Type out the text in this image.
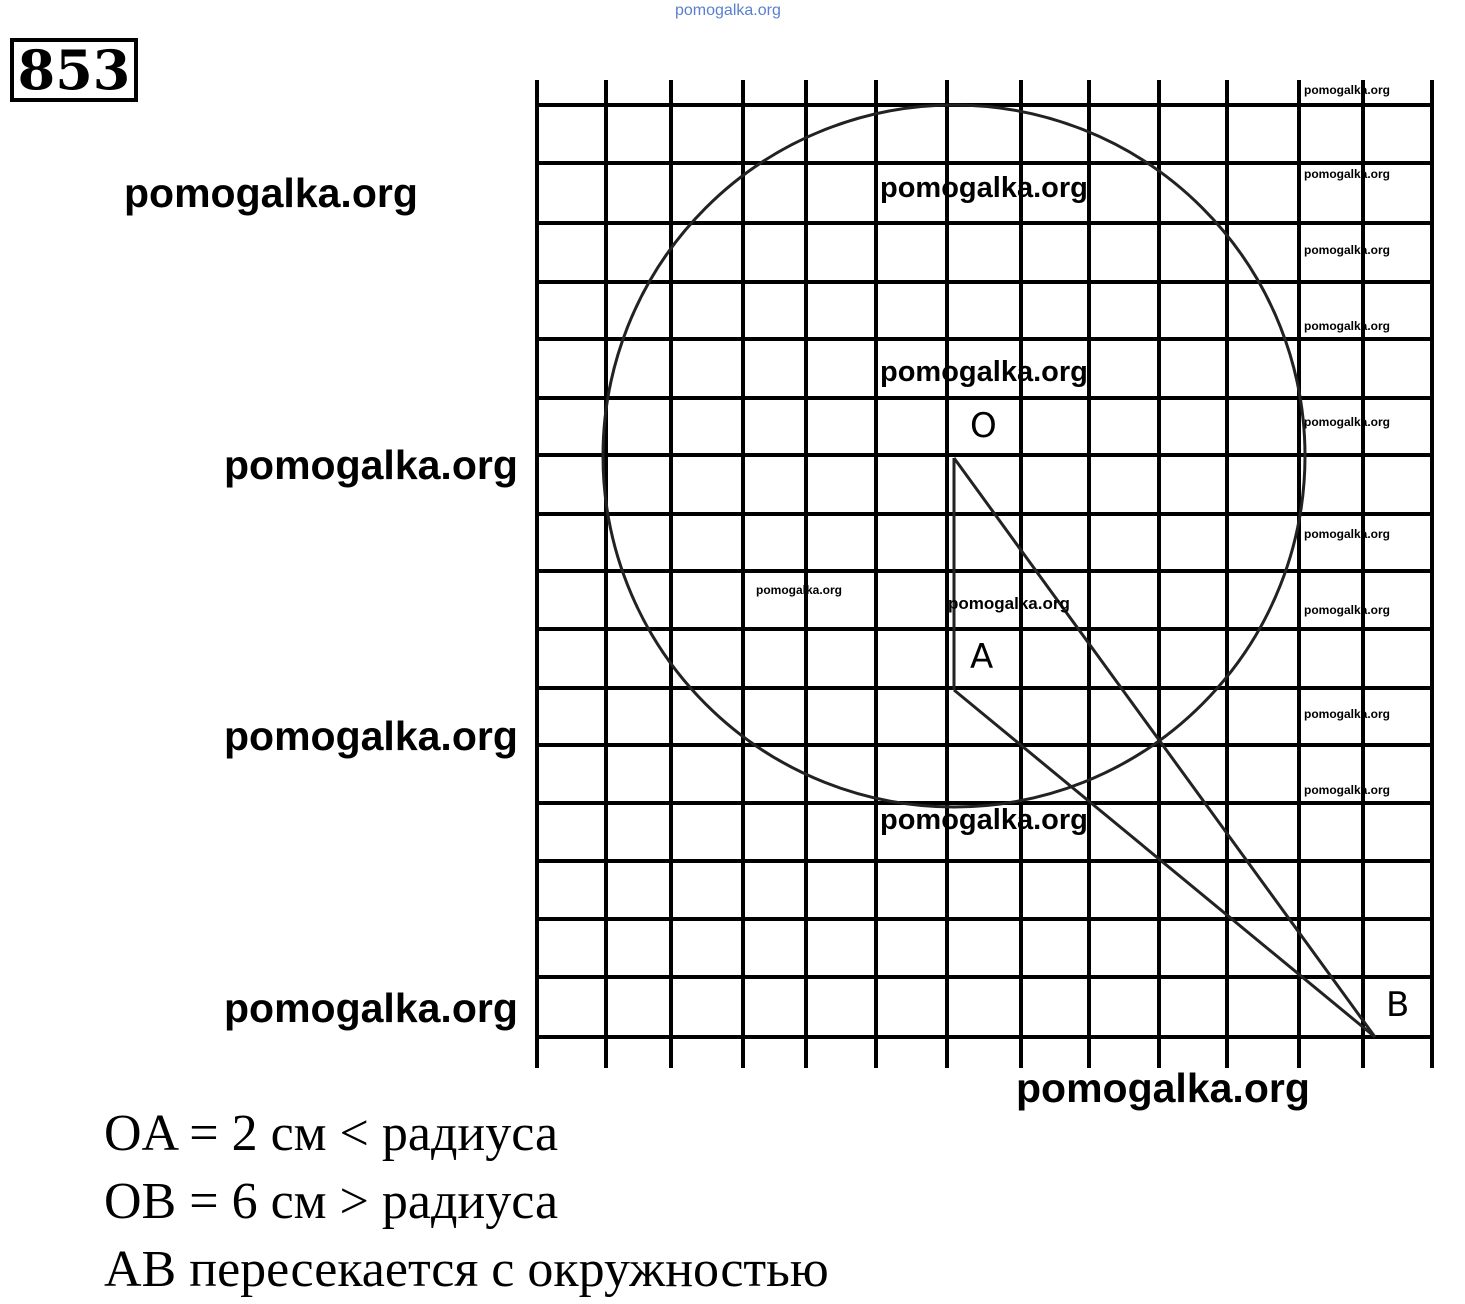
853
O
A
B
pomogalka.org
pomogalka.org
pomogalka.org
pomogalka.org
pomogalka.org
pomogalka.org
pomogalka.org
pomogalka.org
pomogalka.org
pomogalka.org
pomogalka.org
pomogalka.org
pomogalka.org
pomogalka.org
pomogalka.org
pomogalka.org
pomogalka.org
pomogalka.org
pomogalka.org
pomogalka.org
OA = 2 см < радиуса
OB = 6 см > радиуса
AB пересекается с окружностью
